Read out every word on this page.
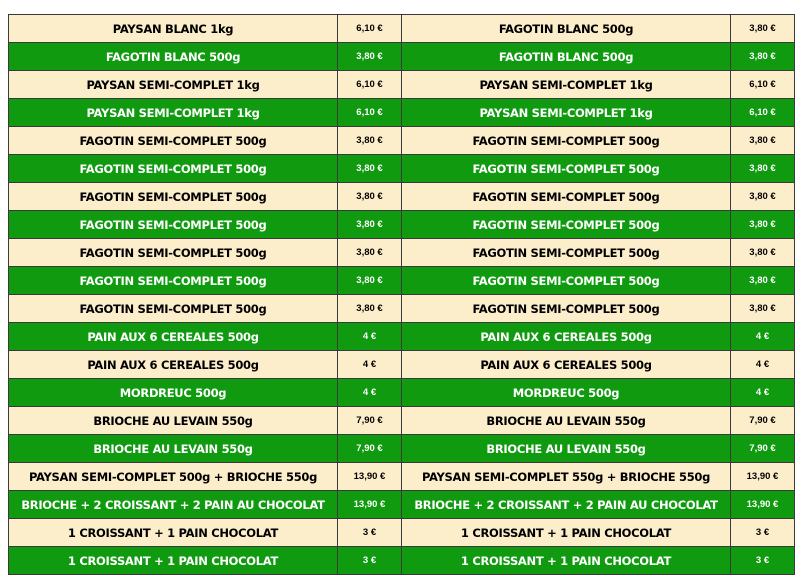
PAYSAN BLANC 1kg	6,10 €	FAGOTIN BLANC 500g	3,80 €
FAGOTIN BLANC 500g	3,80 €	FAGOTIN BLANC 500g	3,80 €
PAYSAN SEMI-COMPLET 1kg	6,10 €	PAYSAN SEMI-COMPLET 1kg	6,10 €
PAYSAN SEMI-COMPLET 1kg	6,10 €	PAYSAN SEMI-COMPLET 1kg	6,10 €
FAGOTIN SEMI-COMPLET 500g	3,80 €	FAGOTIN SEMI-COMPLET 500g	3,80 €
FAGOTIN SEMI-COMPLET 500g	3,80 €	FAGOTIN SEMI-COMPLET 500g	3,80 €
FAGOTIN SEMI-COMPLET 500g	3,80 €	FAGOTIN SEMI-COMPLET 500g	3,80 €
FAGOTIN SEMI-COMPLET 500g	3,80 €	FAGOTIN SEMI-COMPLET 500g	3,80 €
FAGOTIN SEMI-COMPLET 500g	3,80 €	FAGOTIN SEMI-COMPLET 500g	3,80 €
FAGOTIN SEMI-COMPLET 500g	3,80 €	FAGOTIN SEMI-COMPLET 500g	3,80 €
FAGOTIN SEMI-COMPLET 500g	3,80 €	FAGOTIN SEMI-COMPLET 500g	3,80 €
PAIN AUX 6 CEREALES 500g	4 €	PAIN AUX 6 CEREALES 500g	4 €
PAIN AUX 6 CEREALES 500g	4 €	PAIN AUX 6 CEREALES 500g	4 €
MORDREUC 500g	4 €	MORDREUC 500g	4 €
BRIOCHE AU LEVAIN 550g	7,90 €	BRIOCHE AU LEVAIN 550g	7,90 €
BRIOCHE AU LEVAIN 550g	7,90 €	BRIOCHE AU LEVAIN 550g	7,90 €
PAYSAN SEMI-COMPLET 500g + BRIOCHE 550g	13,90 €	PAYSAN SEMI-COMPLET 550g + BRIOCHE 550g	13,90 €
BRIOCHE + 2 CROISSANT + 2 PAIN AU CHOCOLAT	13,90 €	BRIOCHE + 2 CROISSANT + 2 PAIN AU CHOCOLAT	13,90 €
1 CROISSANT + 1 PAIN CHOCOLAT	3 €	1 CROISSANT + 1 PAIN CHOCOLAT	3 €
1 CROISSANT + 1 PAIN CHOCOLAT	3 €	1 CROISSANT + 1 PAIN CHOCOLAT	3 €
